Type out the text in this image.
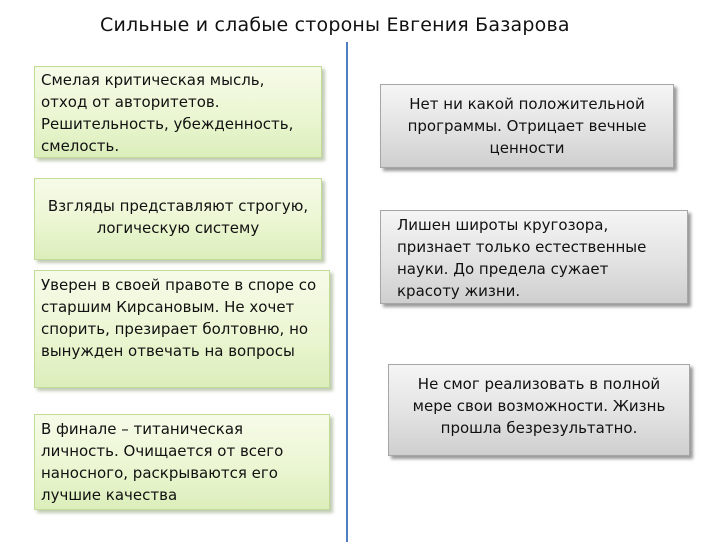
Сильные и слабые стороны Евгения Базарова
Смелая критическая мысль, отход от авторитетов. Решительность, убежденность, смелость.
Взгляды представляют строгую, логическую систему
Уверен в своей правоте в споре со старшим Кирсановым. Не хочет спорить, презирает болтовню, но вынужден отвечать на вопросы
В финале – титаническая личность. Очищается от всего наносного, раскрываются его лучшие качества
Нет ни какой положительной программы. Отрицает вечные ценности
Лишен широты кругозора, признает только естественные науки. До предела сужает красоту жизни.
Не смог реализовать в полной мере свои возможности. Жизнь прошла безрезультатно.
